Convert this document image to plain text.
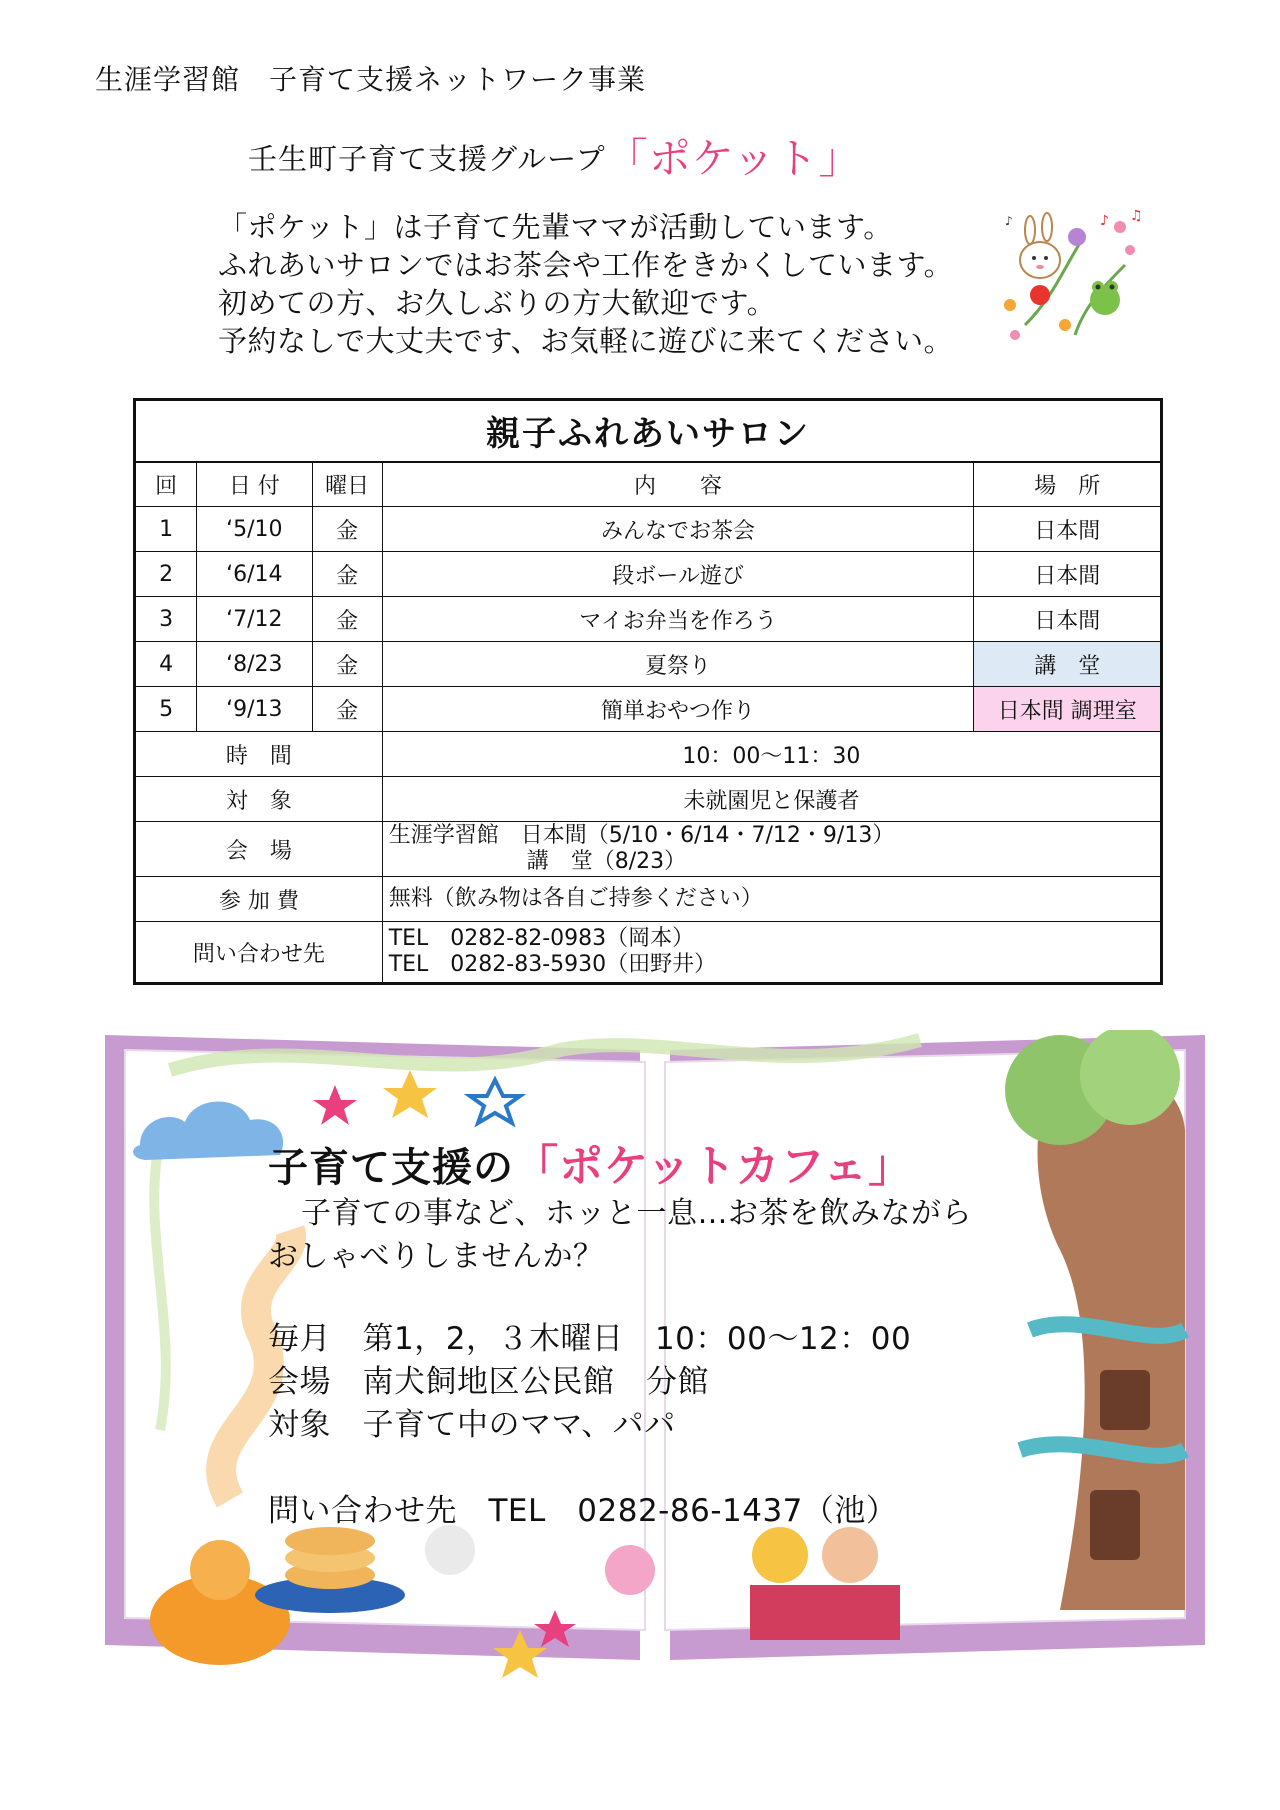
生涯学習館　子育て支援ネットワーク事業
壬生町子育て支援グループ「ポケット」
「ポケット」は子育て先輩ママが活動しています。
ふれあいサロンではお茶会や工作をきかくしています。
初めての方、お久しぶりの方大歓迎です。
予約なしで大丈夫です、お気軽に遊びに来てください。
♪ ♫
♪
親子ふれあいサロン				
回	日 付	曜日	内　　容	場　所
1	‘5/10	金	みんなでお茶会	日本間
2	‘6/14	金	段ボール遊び	日本間
3	‘7/12	金	マイお弁当を作ろう	日本間
4	‘8/23	金	夏祭り	講　堂
5	‘9/13	金	簡単おやつ作り	日本間 調理室
時　間			10：00～11：30	
対　象			未就園児と保護者	
会　場			生涯学習館　日本間（5/10・6/14・7/12・9/13）
講　堂（8/23）	

参 加 費			無料（飲み物は各自ご持参ください）	
問い合わせ先			TEL　0282-82-0983（岡本）
TEL　0282-83-5930（田野井）	
子育て支援の「ポケットカフェ」
子育ての事など、ホッと一息…お茶を飲みながら
おしゃべりしませんか？
毎月　第1，2，３木曜日　10：00～12：00
会場　南犬飼地区公民館　分館
対象　子育て中のママ、パパ
問い合わせ先　TEL　0282-86-1437（池）
